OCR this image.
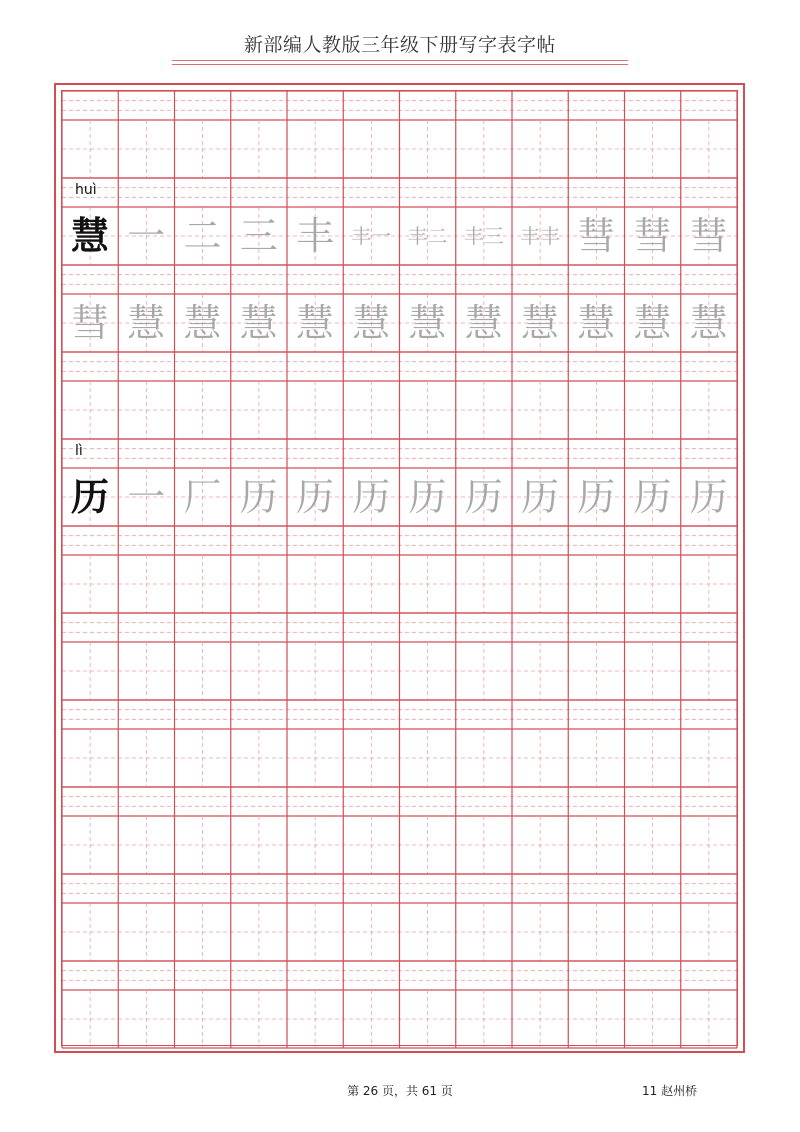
新部编人教版三年级下册写字表字帖
huì
慧 一 二 三 丰 丰一 丰二 丰三 丰丰 彗 彗 彗
彗 慧 慧 慧 慧 慧 慧 慧 慧 慧 慧 慧
lì
历 一 厂 历 历 历 历 历 历 历 历 历
第 26 页，共 61 页	11 赵州桥
